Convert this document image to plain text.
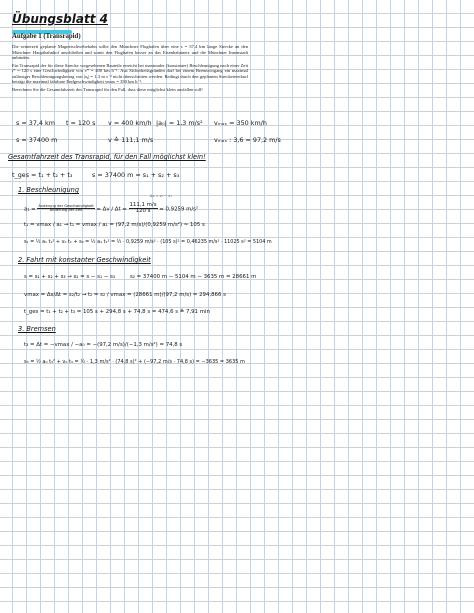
Übungsblatt 4
Aufgabe 1 (Transrapid)

Die seinerzeit geplante Magnetschwebebahn sollte den Münchner Flughafen über eine s = 37.4 km lange Strecke an den Münchner Hauptbahnhof anschließen und somit den Flughafen besser an das Eisenbahnnetz und die Münchner Innenstadt anbinden.

Ein Transrapid der für diese Strecke vorgesehenen Bauteile erreicht bei maximaler (konstanter) Beschleunigung nach einer Zeit t* = 120 s eine Geschwindigkeit von v* = 400 km h⁻¹. Aus Sicherheitsgründen darf bei einem Bremsvorgang ein maximal zulässiger Beschleunigungsbetrag von |a₀| = 1.3 m s⁻² nicht überschritten werden. Bedingt durch den geplanten Streckenverlauf beträgt die maximal fahrbare Endgeschwindigkeit vmax = 350 km h⁻¹.

Berechnen Sie die Gesamtfahrzeit des Transrapid für den Fall, dass diese möglichst klein ausfallen soll!

s = 37,4 km t = 120 s v = 400 km/h |a₀| = 1,3 m/s² vₘₐₓ = 350 km/h
s = 37400 m	v ≙ 111,1 m/s	vₘₐₓ : 3,6 = 97,2 m/s
Gesamtfahrzeit des Transrapid, für den Fall möglichst klein!
t_ges = t₁ + t₂ + t₃	s = 37400 m = s₁ + s₂ + s₃
1. Beschleunigung
$a_1 = \frac{\text{Änderung der Geschwindigkeit}}{\text{Änderung der Zeit}} = \Delta v / \Delta t = \frac{111,1 m/s}{120 s} = 0,9259$ m/s²
Δv = v₂ − v₁
t₁ = vmax / a₁ → t₁ = vmax / a₁ = (97,2 m/s)/(0,9259 m/s²) ≈ 105 s
s₁ = ½ a₁ t₁² + v₀ t₁ + s₀ = ½ a₁ t₁² = ½ · 0,9259 m/s² · (105 s)² = 0,46235 m/s² · 11025 s² = 5104 m
2. Fahrt mit konstanter Geschwindigkeit
s = s₁ + s₂ + s₃ → s₂ = s − s₁ − s₃	s₂ = 37400 m − 5104 m − 3635 m = 28661 m
vmax = Δs/Δt = s₂/t₂ → t₂ = s₂ / vmax = (28661 m)/(97,2 m/s) = 294,866 s
t_ges = t₁ + t₂ + t₃ = 105 s + 294,8 s + 74,8 s = 474,6 s ≙ 7,91 min
3. Bremsen
t₃ = Δt = −vmax / −a₀ = −(97,2 m/s)/(−1,3 m/s²) = 74,8 s
s₃ = ½ a₀ t₃² + v₀ t₃ = ½ · 1,3 m/s² · (74,8 s)² + (−97,2 m/s · 74,8 s) = −3635 = 3635 m
